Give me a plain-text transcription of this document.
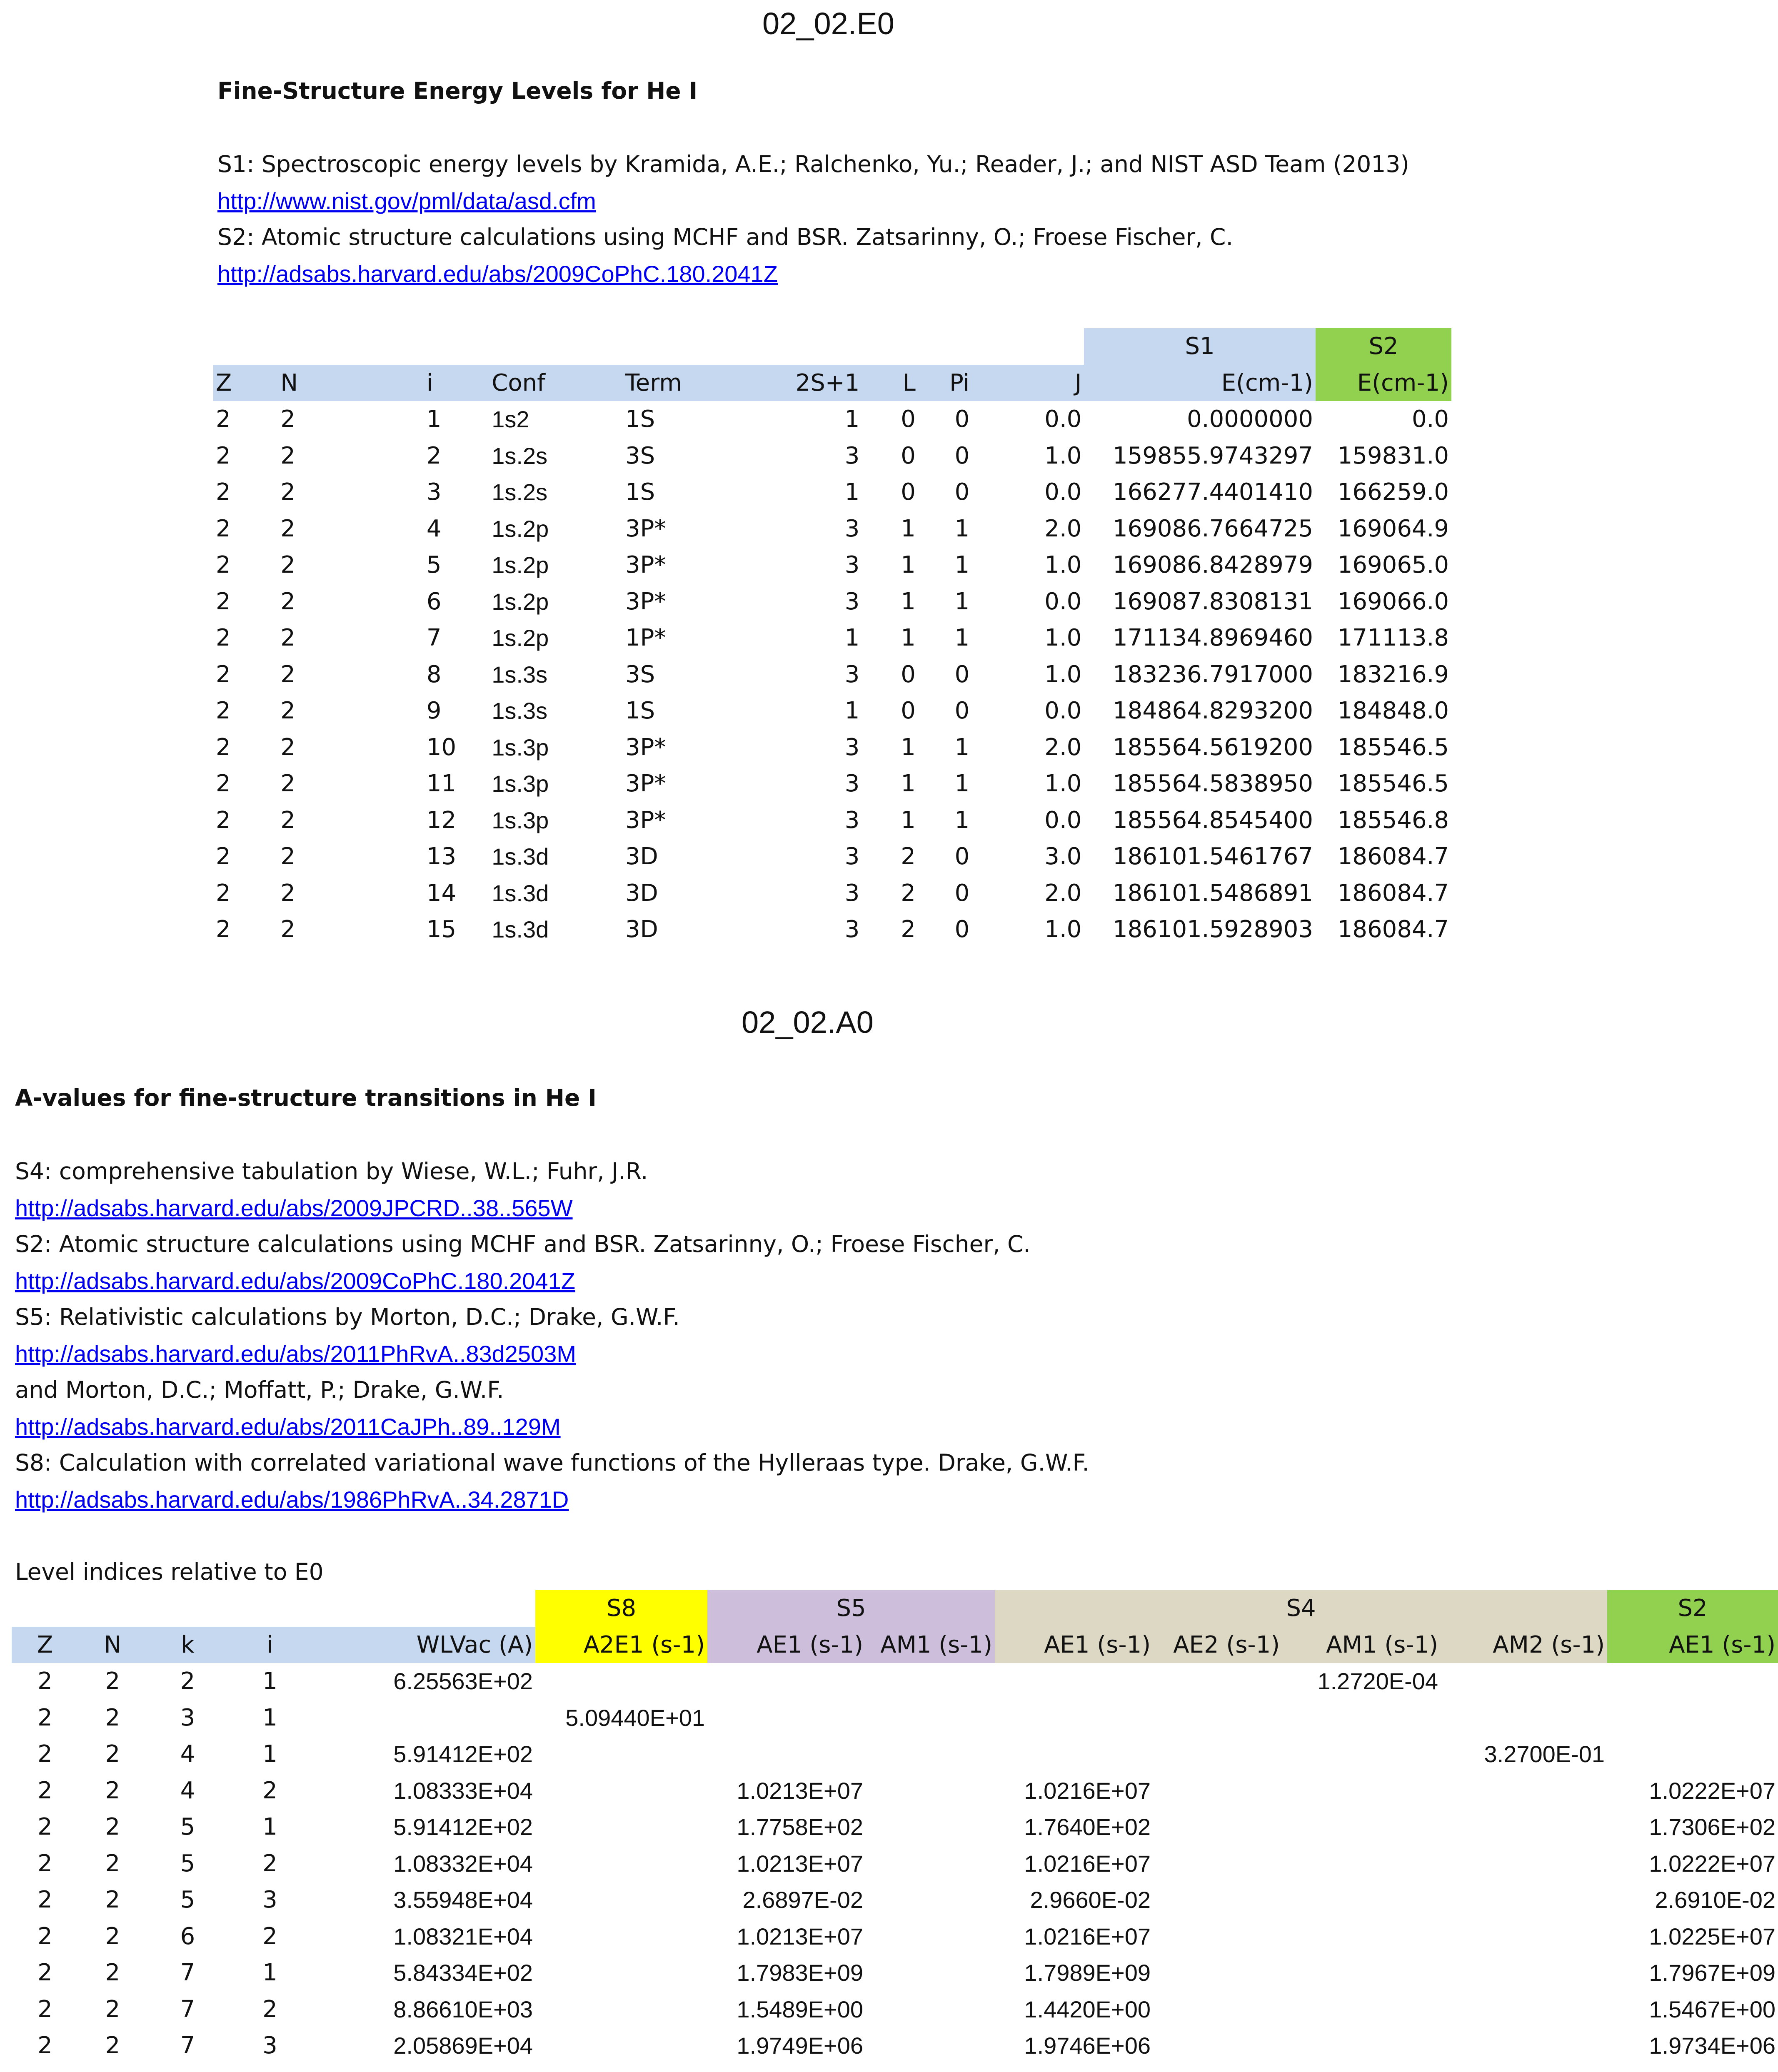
02_02.E0
Fine-Structure Energy Levels for He I
S1: Spectroscopic energy levels by Kramida, A.E.; Ralchenko, Yu.; Reader, J.; and NIST ASD Team (2013)
http://www.nist.gov/pml/data/asd.cfm
S2: Atomic structure calculations using MCHF and BSR. Zatsarinny, O.; Froese Fischer, C.
http://adsabs.harvard.edu/abs/2009CoPhC.180.2041Z
									S1	S2
Z	N	i	Conf	Term	2S+1	L	Pi	J	E(cm-1)	E(cm-1)
2	2	1	1s2	1S	1	0	0	0.0	0.0000000	0.0
2	2	2	1s.2s	3S	3	0	0	1.0	159855.9743297	159831.0
2	2	3	1s.2s	1S	1	0	0	0.0	166277.4401410	166259.0
2	2	4	1s.2p	3P*	3	1	1	2.0	169086.7664725	169064.9
2	2	5	1s.2p	3P*	3	1	1	1.0	169086.8428979	169065.0
2	2	6	1s.2p	3P*	3	1	1	0.0	169087.8308131	169066.0
2	2	7	1s.2p	1P*	1	1	1	1.0	171134.8969460	171113.8
2	2	8	1s.3s	3S	3	0	0	1.0	183236.7917000	183216.9
2	2	9	1s.3s	1S	1	0	0	0.0	184864.8293200	184848.0
2	2	10	1s.3p	3P*	3	1	1	2.0	185564.5619200	185546.5
2	2	11	1s.3p	3P*	3	1	1	1.0	185564.5838950	185546.5
2	2	12	1s.3p	3P*	3	1	1	0.0	185564.8545400	185546.8
2	2	13	1s.3d	3D	3	2	0	3.0	186101.5461767	186084.7
2	2	14	1s.3d	3D	3	2	0	2.0	186101.5486891	186084.7
2	2	15	1s.3d	3D	3	2	0	1.0	186101.5928903	186084.7
02_02.A0
A-values for fine-structure transitions in He I
S4: comprehensive tabulation by Wiese, W.L.; Fuhr, J.R.
http://adsabs.harvard.edu/abs/2009JPCRD..38..565W
S2: Atomic structure calculations using MCHF and BSR. Zatsarinny, O.; Froese Fischer, C.
http://adsabs.harvard.edu/abs/2009CoPhC.180.2041Z
S5: Relativistic calculations by Morton, D.C.; Drake, G.W.F.
http://adsabs.harvard.edu/abs/2011PhRvA..83d2503M
and Morton, D.C.; Moffatt, P.; Drake, G.W.F.
http://adsabs.harvard.edu/abs/2011CaJPh..89..129M
S8: Calculation with correlated variational wave functions of the Hylleraas type. Drake, G.W.F.
http://adsabs.harvard.edu/abs/1986PhRvA..34.2871D
Level indices relative to E0
					S8	S5		S4				S2
Z	N	k	i	WLVac (A)	A2E1 (s-1)	AE1 (s-1)	AM1 (s-1)	AE1 (s-1)	AE2 (s-1)	AM1 (s-1)	AM2 (s-1)	AE1 (s-1)
2	2	2	1	6.25563E+02						1.2720E-04		
2	2	3	1		5.09440E+01							
2	2	4	1	5.91412E+02							3.2700E-01	
2	2	4	2	1.08333E+04		1.0213E+07		1.0216E+07				1.0222E+07
2	2	5	1	5.91412E+02		1.7758E+02		1.7640E+02				1.7306E+02
2	2	5	2	1.08332E+04		1.0213E+07		1.0216E+07				1.0222E+07
2	2	5	3	3.55948E+04		2.6897E-02		2.9660E-02				2.6910E-02
2	2	6	2	1.08321E+04		1.0213E+07		1.0216E+07				1.0225E+07
2	2	7	1	5.84334E+02		1.7983E+09		1.7989E+09				1.7967E+09
2	2	7	2	8.86610E+03		1.5489E+00		1.4420E+00				1.5467E+00
2	2	7	3	2.05869E+04		1.9749E+06		1.9746E+06				1.9734E+06
